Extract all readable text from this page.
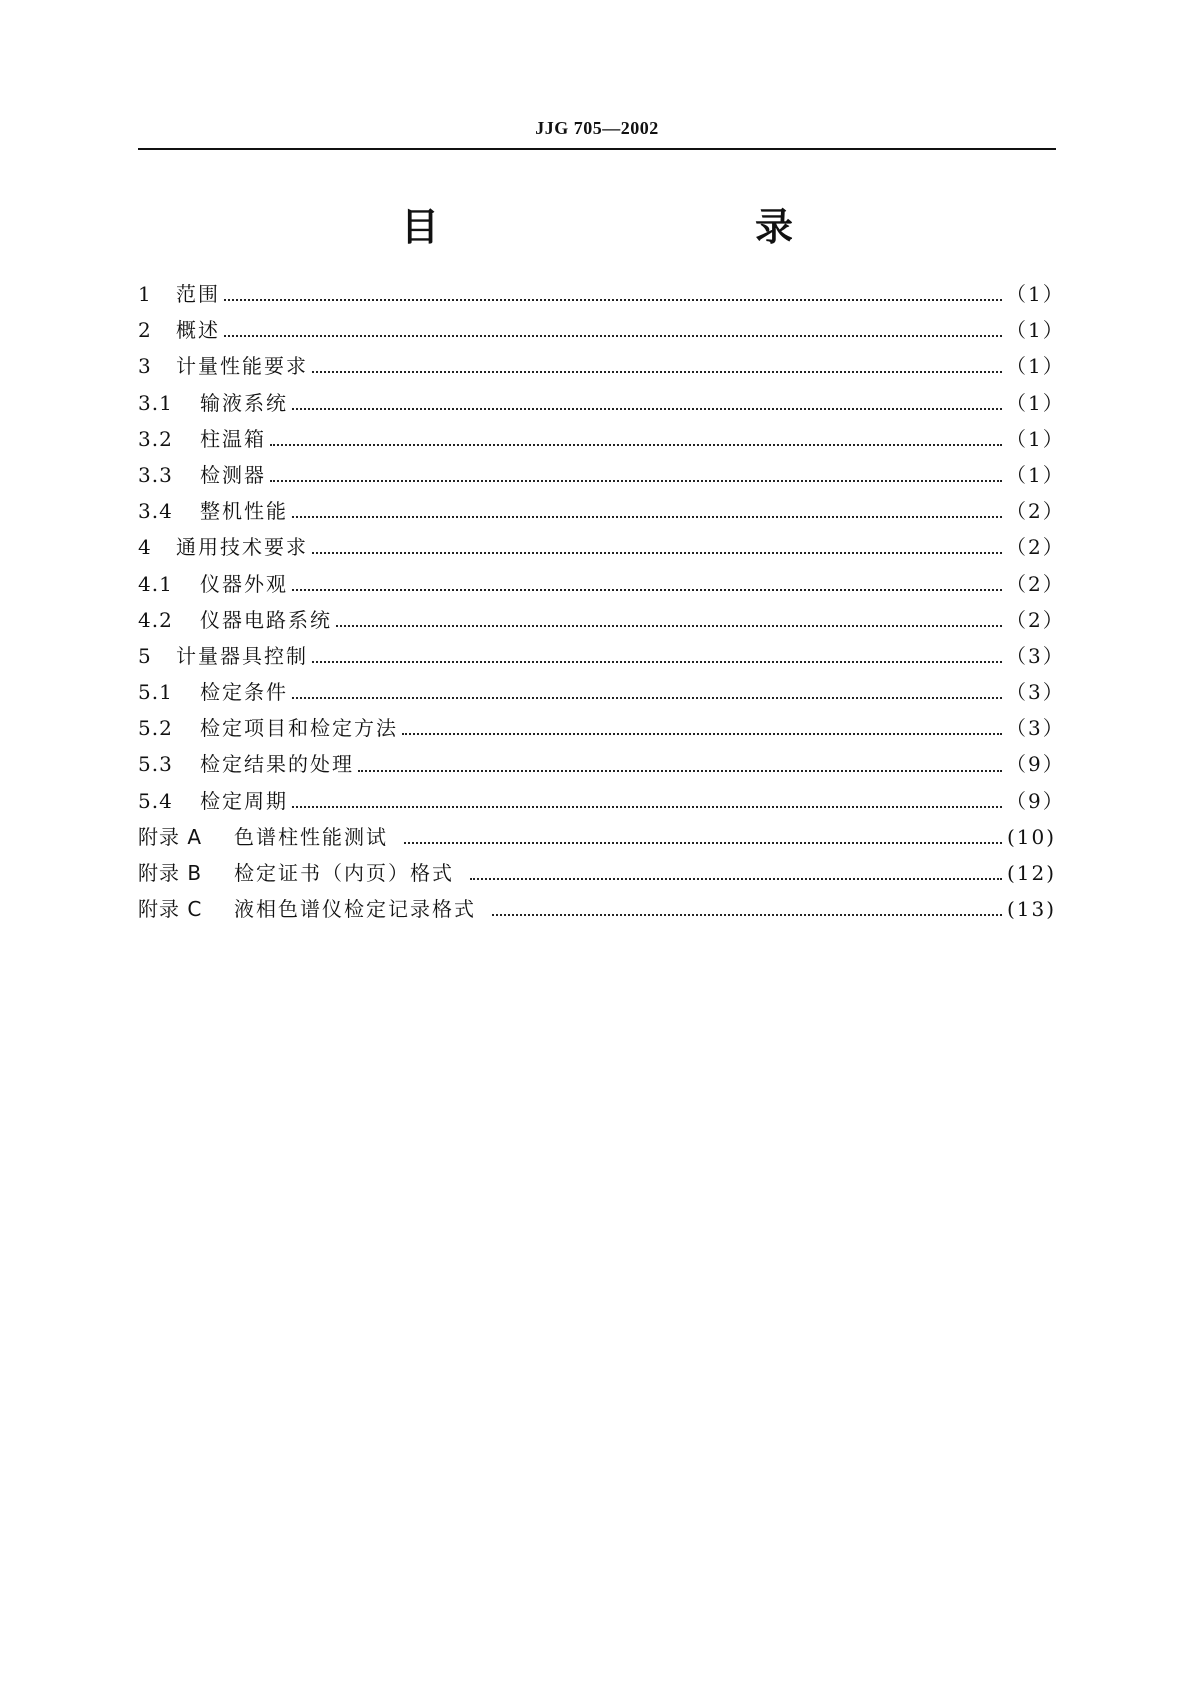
JJG 705—2002
目　　录
1	范围	（1）
2	概述	（1）
3	计量性能要求	（1）
3.1	输液系统	（1）
3.2	柱温箱	（1）
3.3	检测器	（1）
3.4	整机性能	（2）
4	通用技术要求	（2）
4.1	仪器外观	（2）
4.2	仪器电路系统	（2）
5	计量器具控制	（3）
5.1	检定条件	（3）
5.2	检定项目和检定方法	（3）
5.3	检定结果的处理	（9）
5.4	检定周期	（9）
附录 A	色谱柱性能测试	(10)
附录 B	检定证书（内页）格式	(12)
附录 C	液相色谱仪检定记录格式	(13)
